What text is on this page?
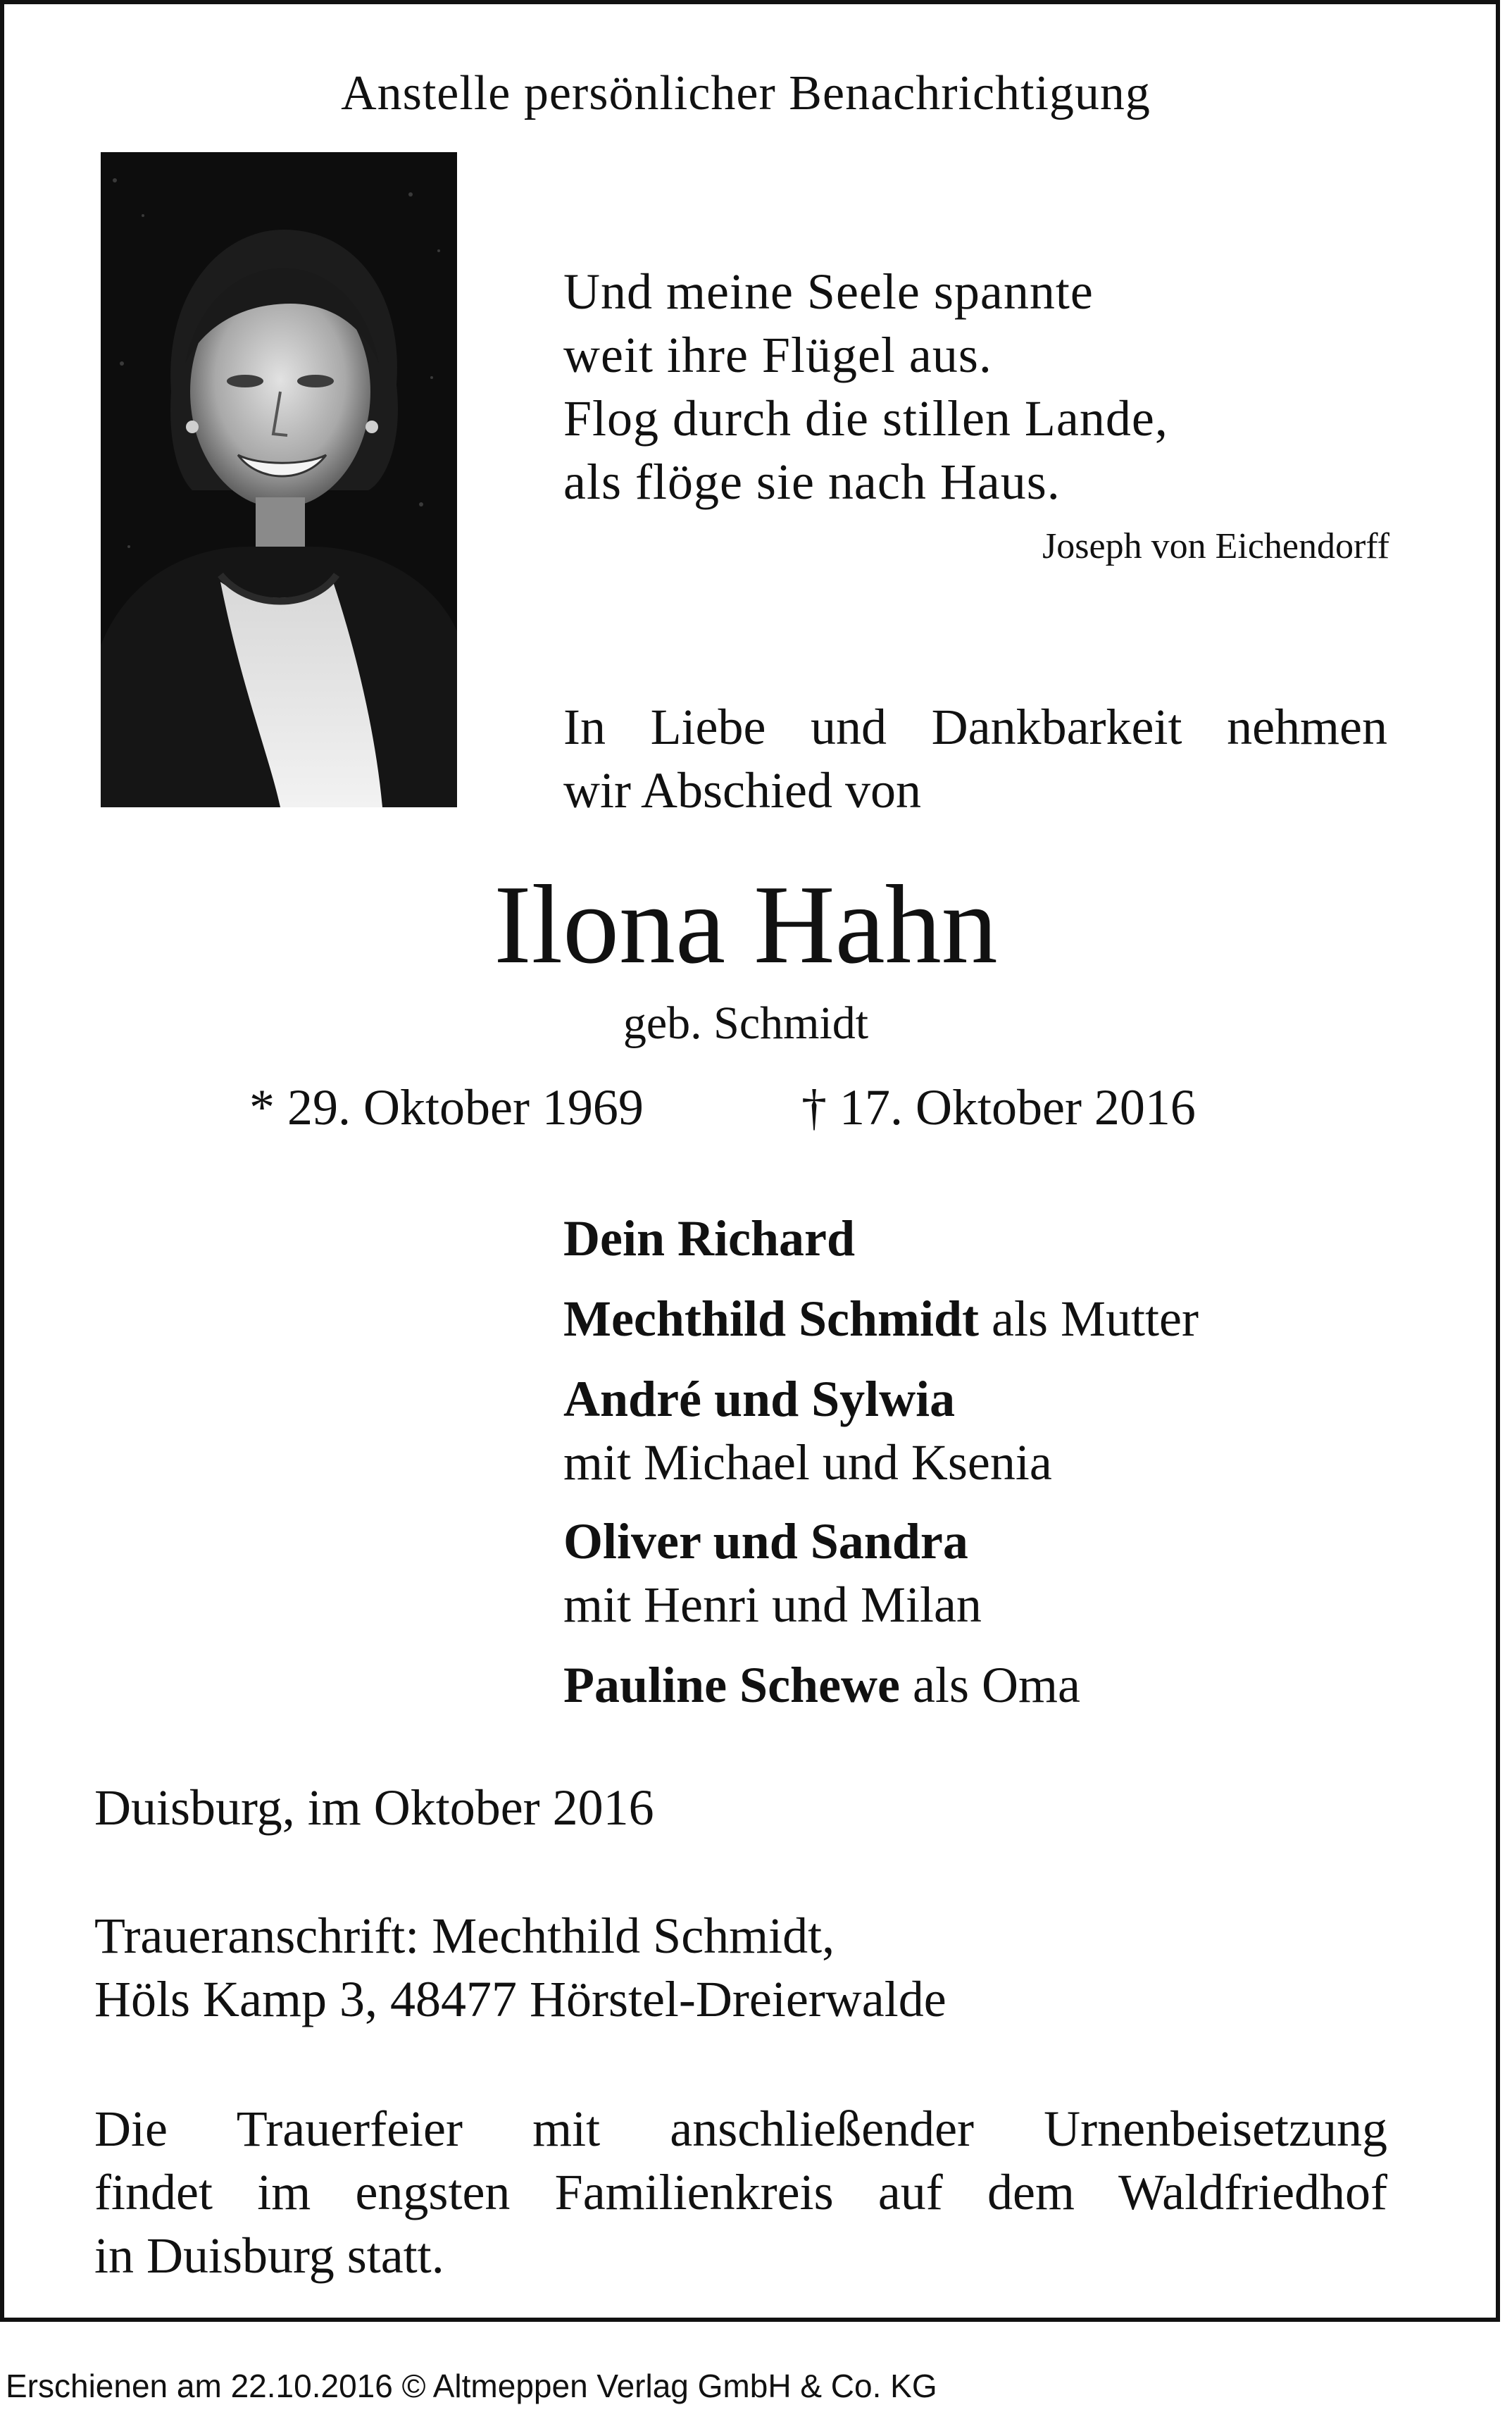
Anstelle persönlicher Benachrichtigung
Und meine Seele spannte
weit ihre Flügel aus.
Flog durch die stillen Lande,
als flöge sie nach Haus.
Joseph von Eichendorff
In Liebe und Dankbarkeit nehmen
wir Abschied von
Ilona Hahn
geb. Schmidt
* 29. Oktober 1969	† 17. Oktober 2016
Dein Richard
Mechthild Schmidt als Mutter
André und Sylwia
mit Michael und Ksenia
Oliver und Sandra
mit Henri und Milan
Pauline Schewe als Oma
Duisburg, im Oktober 2016
Traueranschrift: Mechthild Schmidt,
Höls Kamp 3, 48477 Hörstel-Dreierwalde
Die Trauerfeier mit anschließender Urnenbeisetzung
findet im engsten Familienkreis auf dem Waldfriedhof
in Duisburg statt.
Erschienen am 22.10.2016 © Altmeppen Verlag GmbH & Co. KG
